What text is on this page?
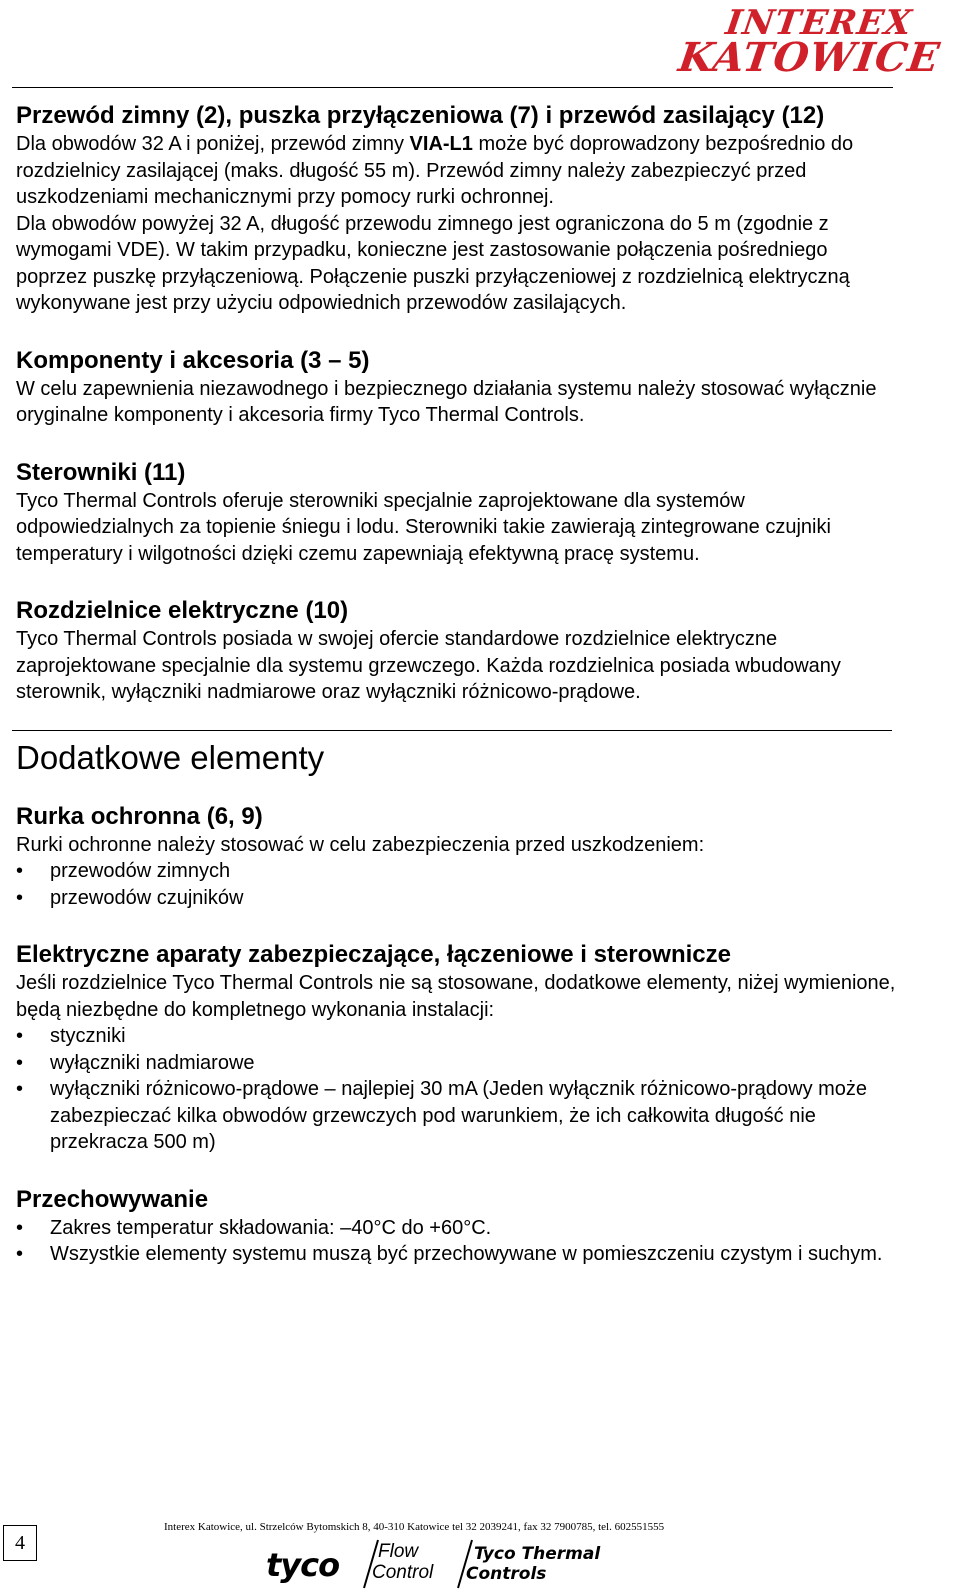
INTEREX
KATOWICE
Przewód zimny (2), puszka przyłączeniowa (7) i przewód zasilający (12)

Dla obwodów 32 A i poniżej, przewód zimny VIA-L1 może być doprowadzony bezpośrednio do rozdzielnicy zasilającej (maks. długość 55 m). Przewód zimny należy zabezpieczyć przed uszkodzeniami mechanicznymi przy pomocy rurki ochronnej.

Dla obwodów powyżej 32 A, długość przewodu zimnego jest ograniczona do 5 m (zgodnie z wymogami VDE). W takim przypadku, konieczne jest zastosowanie połączenia pośredniego poprzez puszkę przyłączeniową. Połączenie puszki przyłączeniowej z rozdzielnicą elektryczną wykonywane jest przy użyciu odpowiednich przewodów zasilających.

Komponenty i akcesoria (3 – 5)

W celu zapewnienia niezawodnego i bezpiecznego działania systemu należy stosować wyłącznie oryginalne komponenty i akcesoria firmy Tyco Thermal Controls.

Sterowniki (11)

Tyco Thermal Controls oferuje sterowniki specjalnie zaprojektowane dla systemów odpowiedzialnych za topienie śniegu i lodu. Sterowniki takie zawierają zintegrowane czujniki temperatury i wilgotności dzięki czemu zapewniają efektywną pracę systemu.

Rozdzielnice elektryczne (10)

Tyco Thermal Controls posiada w swojej ofercie standardowe rozdzielnice elektryczne zaprojektowane specjalnie dla systemu grzewczego. Każda rozdzielnica posiada wbudowany sterownik, wyłączniki nadmiarowe oraz wyłączniki różnicowo-prądowe.

Dodatkowe elementy
Rurka ochronna (6, 9)

Rurki ochronne należy stosować w celu zabezpieczenia przed uszkodzeniem:

• przewodów zimnych
• przewodów czujników
Elektryczne aparaty zabezpieczające, łączeniowe i sterownicze

Jeśli rozdzielnice Tyco Thermal Controls nie są stosowane, dodatkowe elementy, niżej wymienione, będą niezbędne do kompletnego wykonania instalacji:

• styczniki
• wyłączniki nadmiarowe
• wyłączniki różnicowo-prądowe – najlepiej 30 mA (Jeden wyłącznik różnicowo-prądowy może zabezpieczać kilka obwodów grzewczych pod warunkiem, że ich całkowita długość nie przekracza 500 m)
Przechowywanie
• Zakres temperatur składowania: –40°C do +60°C.
• Wszystkie elementy systemu muszą być przechowywane w pomieszczeniu czystym i suchym.
4
Interex Katowice, ul. Strzelców Bytomskich 8, 40-310 Katowice tel 32 2039241, fax 32 7900785, tel. 602551555
tyco Flow
Control
Tyco Thermal
Controls
